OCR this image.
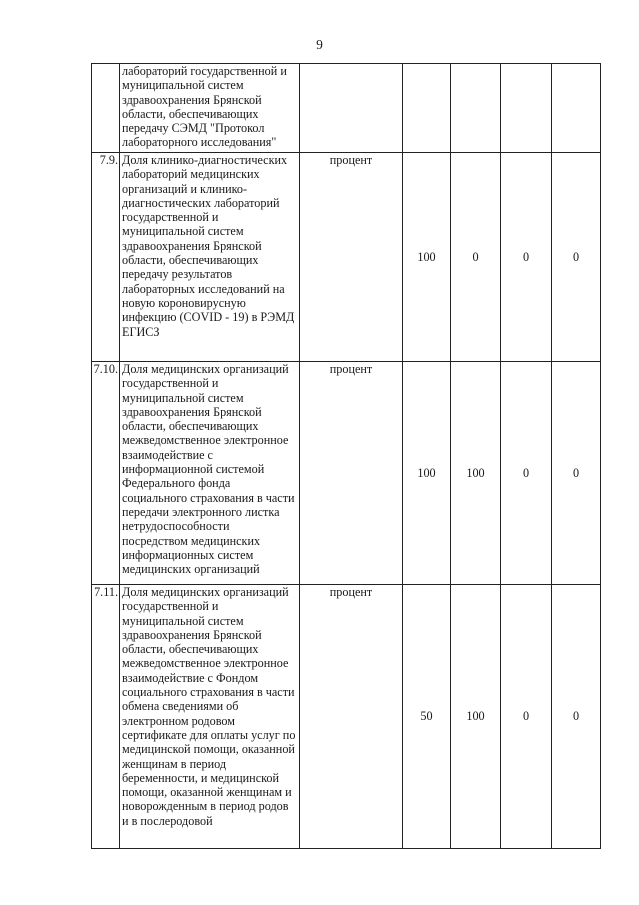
9

	лабораторий государственной и муниципальной систем здравоохранения Брянской области, обеспечивающих передачу СЭМД "Протокол лабораторного исследования"					

7.9.	Доля клинико-диагностических лабораторий медицинских организаций и клинико-диагностических лабораторий государственной и муниципальной систем здравоохранения Брянской области, обеспечивающих передачу результатов лабораторных исследований на новую короновирусную инфекцию (COVID - 19) в РЭМД ЕГИСЗ	процент	100	0	0	0
7.10.	Доля медицинских организаций государственной и муниципальной систем здравоохранения Брянской области, обеспечивающих межведомственное электронное взаимодействие с информационной системой Федерального фонда социального страхования в части передачи электронного листка нетрудоспособности посредством медицинских информационных систем медицинских организаций	процент	100	100	0	0
7.11.	Доля медицинских организаций государственной и муниципальной систем здравоохранения Брянской области, обеспечивающих межведомственное электронное взаимодействие с Фондом социального страхования в части обмена сведениями об электронном родовом сертификате для оплаты услуг по медицинской помощи, оказанной женщинам в период беременности, и медицинской помощи, оказанной женщинам и новорожденным в период родов и в послеродовой	процент	50	100	0	0
